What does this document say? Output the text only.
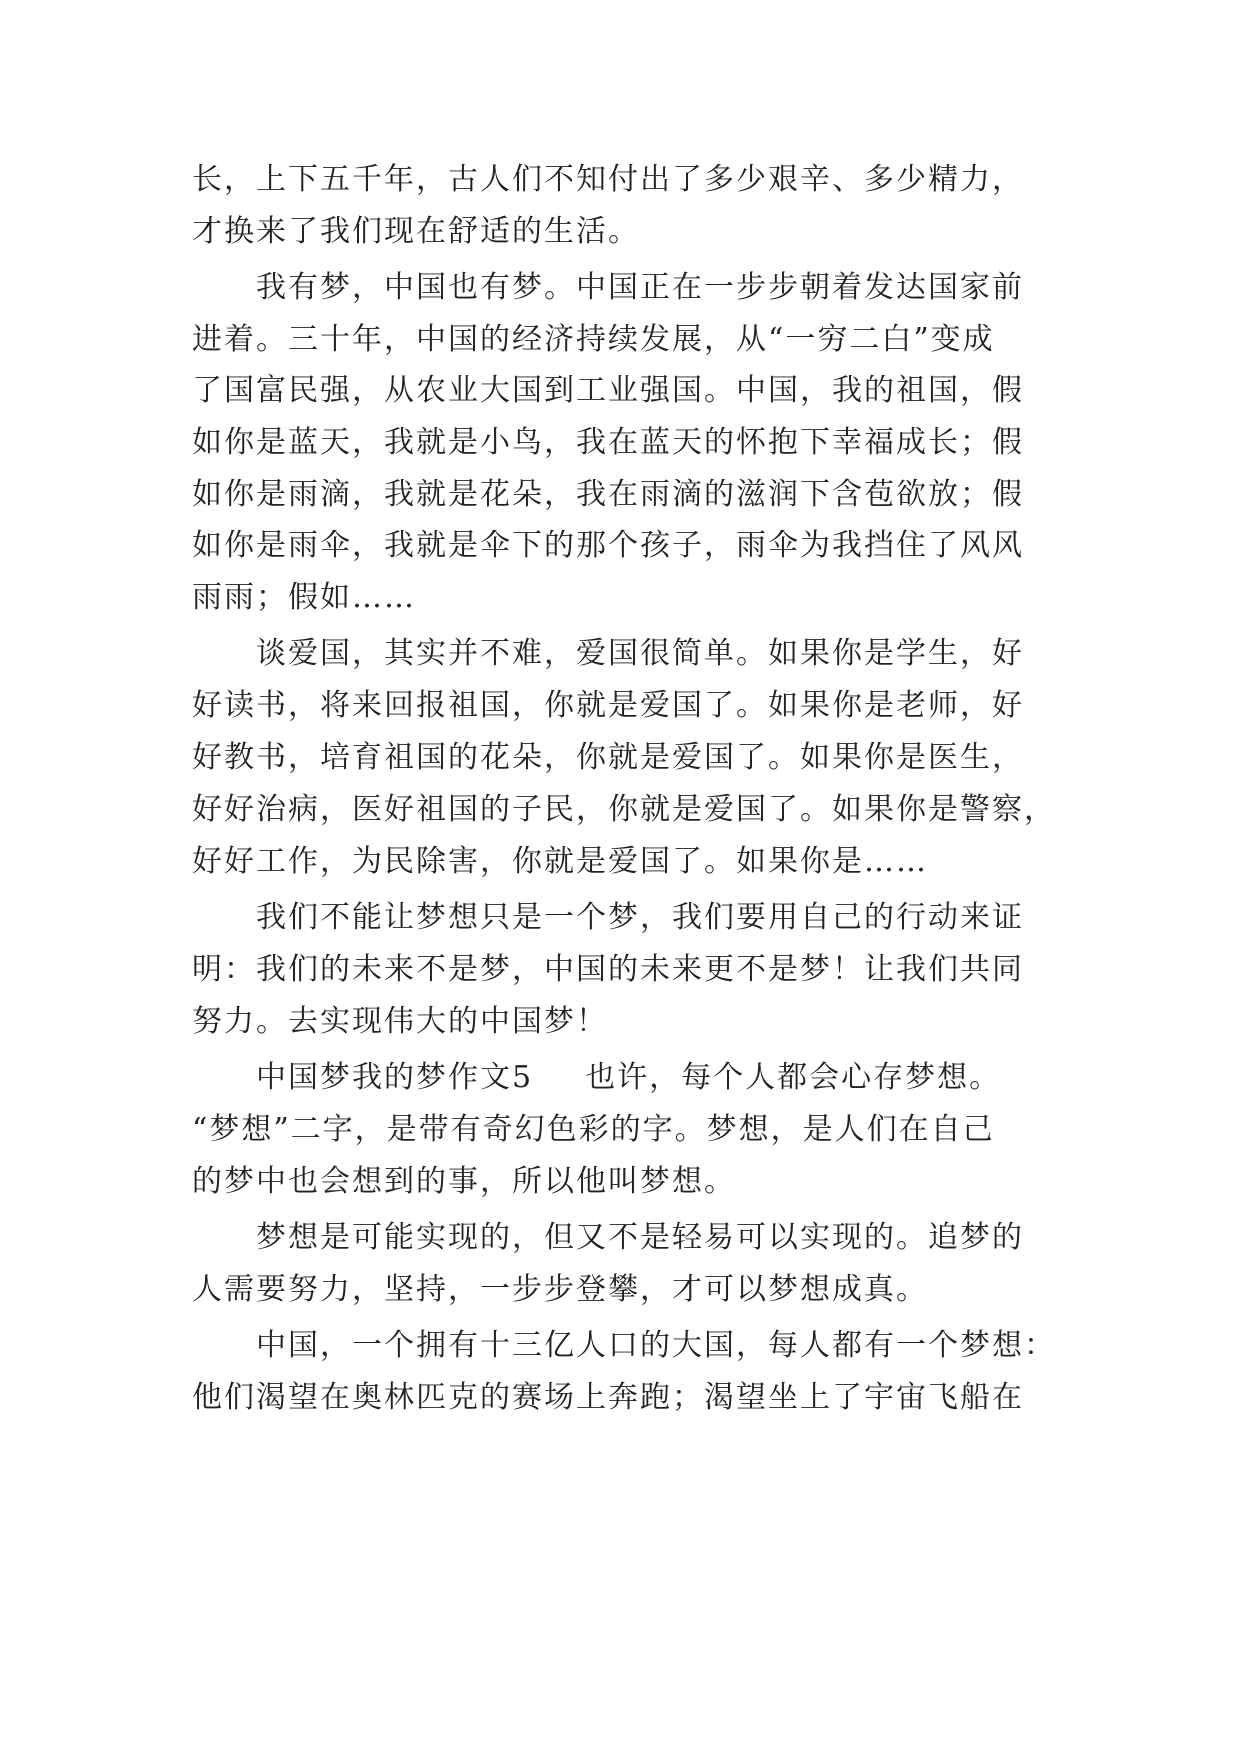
长，上下五千年，古人们不知付出了多少艰辛、多少精力，
才换来了我们现在舒适的生活。
我有梦，中国也有梦。中国正在一步步朝着发达国家前
进着。三十年，中国的经济持续发展，从“一穷二白”变成
了国富民强，从农业大国到工业强国。中国，我的祖国，假
如你是蓝天，我就是小鸟，我在蓝天的怀抱下幸福成长；假
如你是雨滴，我就是花朵，我在雨滴的滋润下含苞欲放；假
如你是雨伞，我就是伞下的那个孩子，雨伞为我挡住了风风
雨雨；假如……
谈爱国，其实并不难，爱国很简单。如果你是学生，好
好读书，将来回报祖国，你就是爱国了。如果你是老师，好
好教书，培育祖国的花朵，你就是爱国了。如果你是医生，
好好治病，医好祖国的子民，你就是爱国了。如果你是警察，
好好工作，为民除害，你就是爱国了。如果你是……
我们不能让梦想只是一个梦，我们要用自己的行动来证
明：我们的未来不是梦，中国的未来更不是梦！让我们共同
努力。去实现伟大的中国梦！
中国梦我的梦作文5 也许，每个人都会心存梦想。
“梦想”二字，是带有奇幻色彩的字。梦想，是人们在自己
的梦中也会想到的事，所以他叫梦想。
梦想是可能实现的，但又不是轻易可以实现的。追梦的
人需要努力，坚持，一步步登攀，才可以梦想成真。
中国，一个拥有十三亿人口的大国，每人都有一个梦想：
他们渴望在奥林匹克的赛场上奔跑；渴望坐上了宇宙飞船在
